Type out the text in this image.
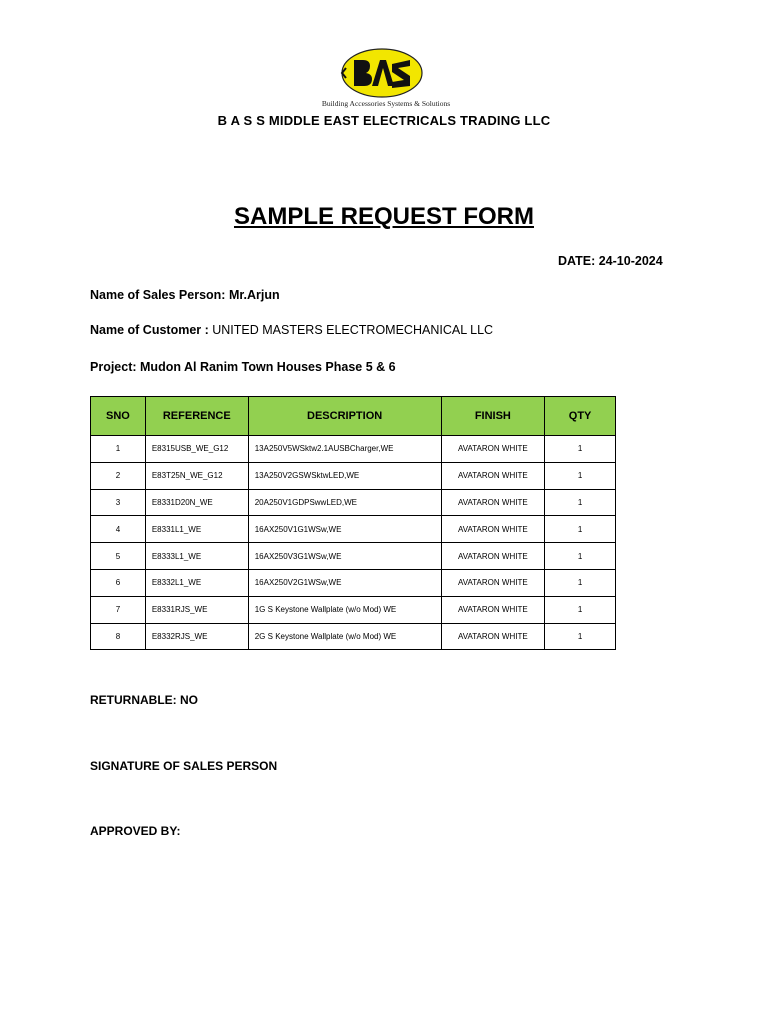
Building Accessories Systems & Solutions
B A S S MIDDLE EAST ELECTRICALS TRADING LLC
SAMPLE REQUEST FORM
DATE: 24-10-2024
Name of Sales Person: Mr.Arjun
Name of Customer : UNITED MASTERS ELECTROMECHANICAL LLC
Project: Mudon Al Ranim Town Houses Phase 5 & 6
SNO	REFERENCE	DESCRIPTION	FINISH	QTY
1	E8315USB_WE_G12	13A250V5WSktw2.1AUSBCharger,WE	AVATARON WHITE	1
2	E83T25N_WE_G12	13A250V2GSWSktwLED,WE	AVATARON WHITE	1
3	E8331D20N_WE	20A250V1GDPSwwLED,WE	AVATARON WHITE	1
4	E8331L1_WE	16AX250V1G1WSw,WE	AVATARON WHITE	1
5	E8333L1_WE	16AX250V3G1WSw,WE	AVATARON WHITE	1
6	E8332L1_WE	16AX250V2G1WSw,WE	AVATARON WHITE	1
7	E8331RJS_WE	1G S Keystone Wallplate (w/o Mod) WE	AVATARON WHITE	1
8	E8332RJS_WE	2G S Keystone Wallplate (w/o Mod) WE	AVATARON WHITE	1
RETURNABLE: NO
SIGNATURE OF SALES PERSON
APPROVED BY:
